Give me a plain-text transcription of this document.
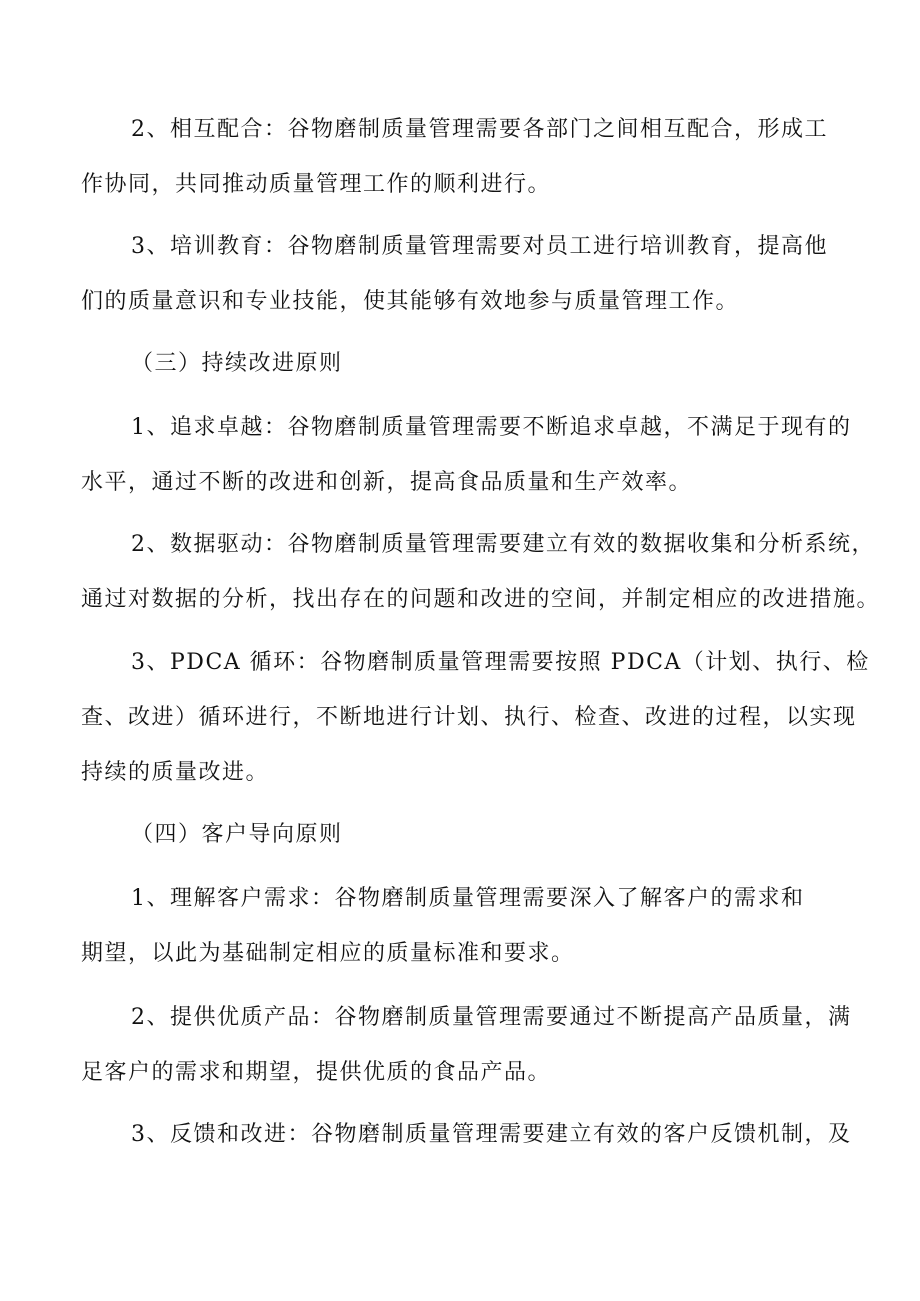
2、相互配合：谷物磨制质量管理需要各部门之间相互配合，形成工
作协同，共同推动质量管理工作的顺利进行。
3、培训教育：谷物磨制质量管理需要对员工进行培训教育，提高他
们的质量意识和专业技能，使其能够有效地参与质量管理工作。
（三）持续改进原则
1、追求卓越：谷物磨制质量管理需要不断追求卓越，不满足于现有的
水平，通过不断的改进和创新，提高食品质量和生产效率。
2、数据驱动：谷物磨制质量管理需要建立有效的数据收集和分析系统，
通过对数据的分析，找出存在的问题和改进的空间，并制定相应的改进措施。
3、PDCA 循环：谷物磨制质量管理需要按照 PDCA（计划、执行、检
查、改进）循环进行，不断地进行计划、执行、检查、改进的过程，以实现
持续的质量改进。
（四）客户导向原则
1、理解客户需求：谷物磨制质量管理需要深入了解客户的需求和
期望，以此为基础制定相应的质量标准和要求。
2、提供优质产品：谷物磨制质量管理需要通过不断提高产品质量，满
足客户的需求和期望，提供优质的食品产品。
3、反馈和改进：谷物磨制质量管理需要建立有效的客户反馈机制，及
